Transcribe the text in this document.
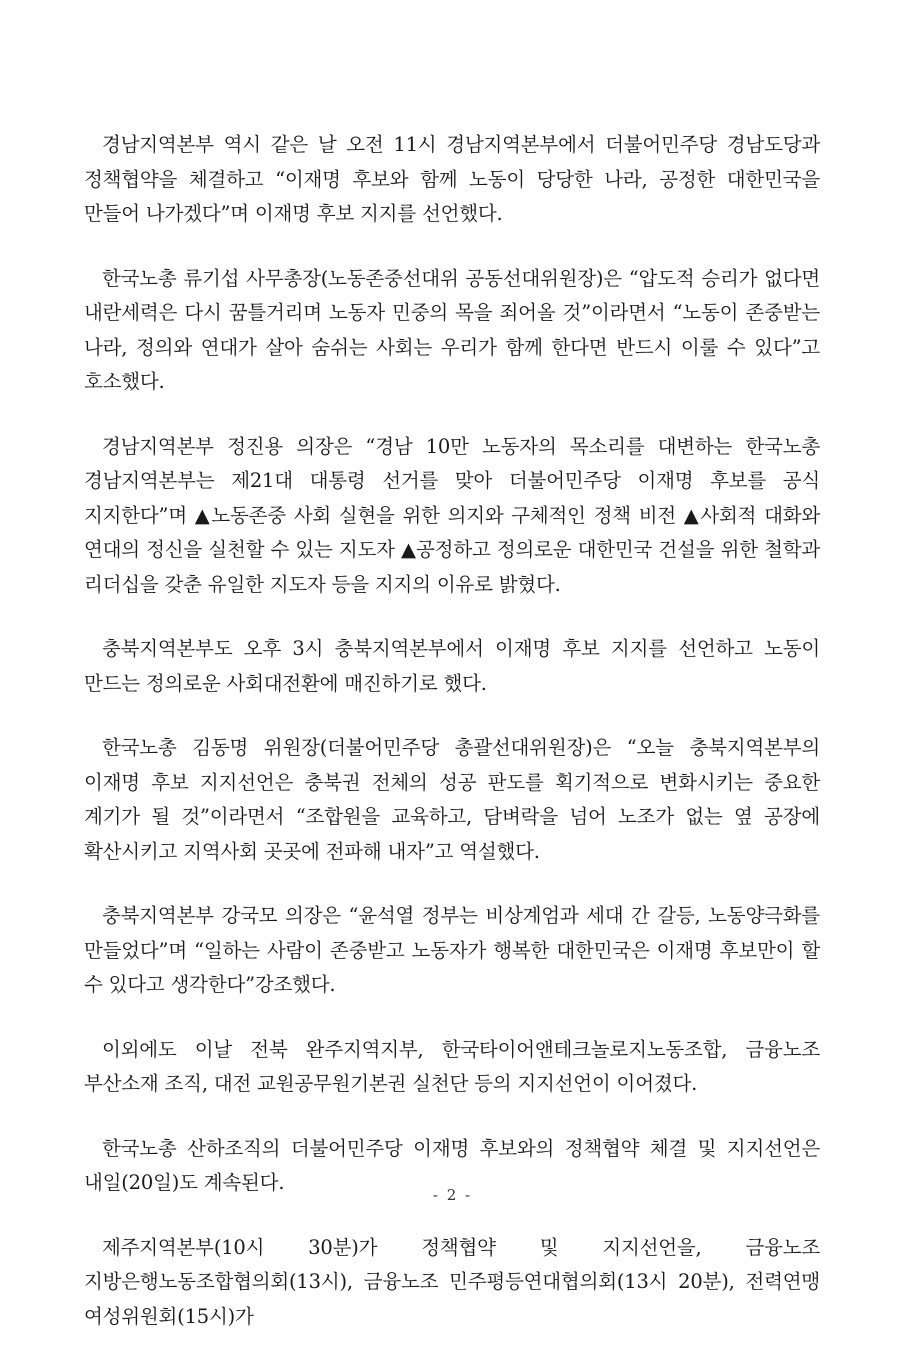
경남지역본부 역시 같은 날 오전 11시 경남지역본부에서 더불어민주당 경남도당과 정책협약을 체결하고 “이재명 후보와 함께 노동이 당당한 나라, 공정한 대한민국을 만들어 나가겠다”며 이재명 후보 지지를 선언했다.

한국노총 류기섭 사무총장(노동존중선대위 공동선대위원장)은 “압도적 승리가 없다면 내란세력은 다시 꿈틀거리며 노동자 민중의 목을 죄어올 것”이라면서 “노동이 존중받는 나라, 정의와 연대가 살아 숨쉬는 사회는 우리가 함께 한다면 반드시 이룰 수 있다”고 호소했다.

경남지역본부 정진용 의장은 “경남 10만 노동자의 목소리를 대변하는 한국노총 경남지역본부는 제21대 대통령 선거를 맞아 더불어민주당 이재명 후보를 공식 지지한다”며 ▲노동존중 사회 실현을 위한 의지와 구체적인 정책 비전 ▲사회적 대화와 연대의 정신을 실천할 수 있는 지도자 ▲공정하고 정의로운 대한민국 건설을 위한 철학과 리더십을 갖춘 유일한 지도자 등을 지지의 이유로 밝혔다.

충북지역본부도 오후 3시 충북지역본부에서 이재명 후보 지지를 선언하고 노동이 만드는 정의로운 사회대전환에 매진하기로 했다.

한국노총 김동명 위원장(더불어민주당 총괄선대위원장)은 “오늘 충북지역본부의 이재명 후보 지지선언은 충북권 전체의 성공 판도를 획기적으로 변화시키는 중요한 계기가 될 것”이라면서 “조합원을 교육하고, 담벼락을 넘어 노조가 없는 옆 공장에 확산시키고 지역사회 곳곳에 전파해 내자”고 역설했다.

충북지역본부 강국모 의장은 “윤석열 정부는 비상계엄과 세대 간 갈등, 노동양극화를 만들었다”며 “일하는 사람이 존중받고 노동자가 행복한 대한민국은 이재명 후보만이 할 수 있다고 생각한다”강조했다.

이외에도 이날 전북 완주지역지부, 한국타이어앤테크놀로지노동조합, 금융노조 부산소재 조직, 대전 교원공무원기본권 실천단 등의 지지선언이 이어졌다.

한국노총 산하조직의 더불어민주당 이재명 후보와의 정책협약 체결 및 지지선언은 내일(20일)도 계속된다.

제주지역본부(10시 30분)가 정책협약 및 지지선언을, 금융노조 지방은행노동조합협의회(13시), 금융노조 민주평등연대협의회(13시 20분), 전력연맹 여성위원회(15시)가

- 2 -
